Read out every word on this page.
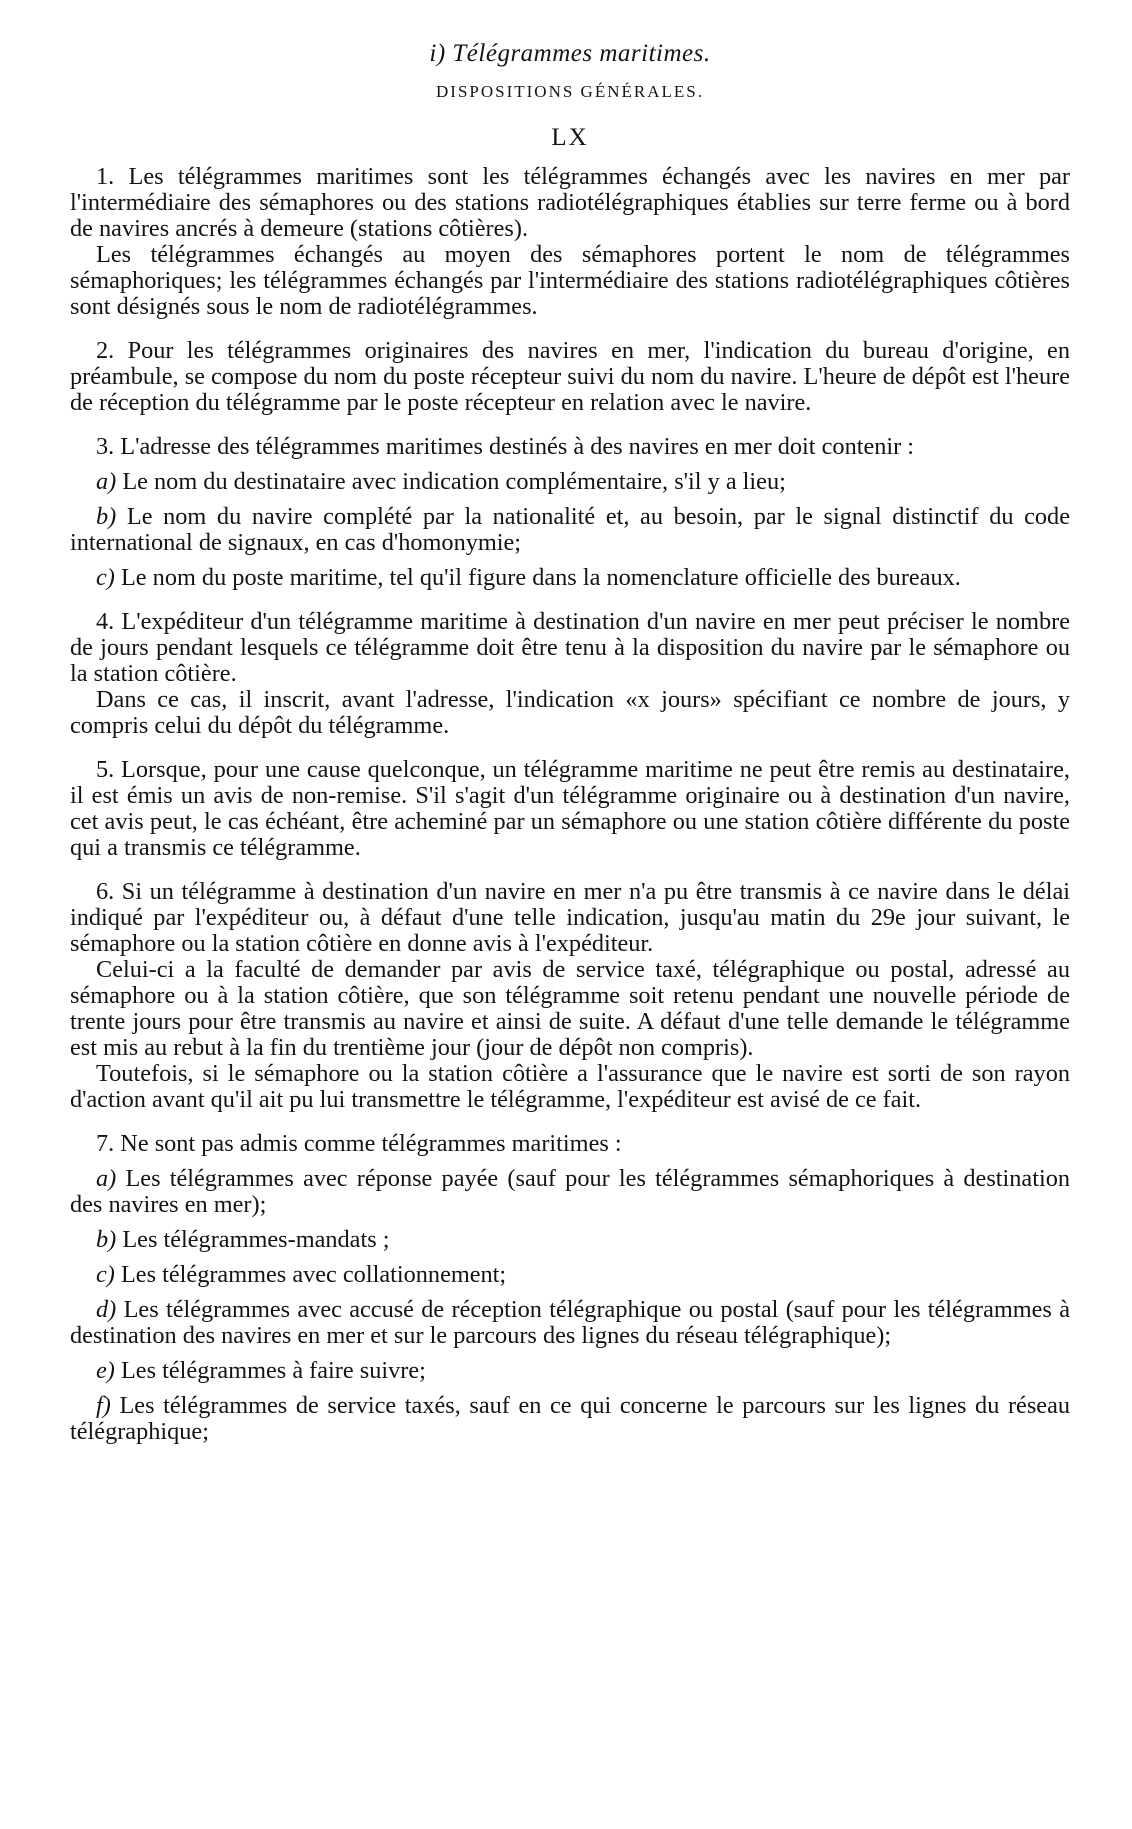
i) Télégrammes maritimes.
DISPOSITIONS GÉNÉRALES.
LX

1. Les télégrammes maritimes sont les télégrammes échangés avec les navires en mer par l'intermédiaire des sémaphores ou des stations radiotélégraphiques établies sur terre ferme ou à bord de navires ancrés à demeure (stations côtières).

Les télégrammes échangés au moyen des sémaphores portent le nom de télégrammes sémaphoriques; les télégrammes échangés par l'intermédiaire des stations radiotélégraphiques côtières sont désignés sous le nom de radiotélégrammes.

2. Pour les télégrammes originaires des navires en mer, l'indication du bureau d'origine, en préambule, se compose du nom du poste récepteur suivi du nom du navire. L'heure de dépôt est l'heure de réception du télégramme par le poste récepteur en relation avec le navire.

3. L'adresse des télégrammes maritimes destinés à des navires en mer doit contenir :

a) Le nom du destinataire avec indication complémentaire, s'il y a lieu;

b) Le nom du navire complété par la nationalité et, au besoin, par le signal distinctif du code international de signaux, en cas d'homonymie;

c) Le nom du poste maritime, tel qu'il figure dans la nomenclature officielle des bureaux.

4. L'expéditeur d'un télégramme maritime à destination d'un navire en mer peut préciser le nombre de jours pendant lesquels ce télégramme doit être tenu à la disposition du navire par le sémaphore ou la station côtière.

Dans ce cas, il inscrit, avant l'adresse, l'indication «x jours» spécifiant ce nombre de jours, y compris celui du dépôt du télégramme.

5. Lorsque, pour une cause quelconque, un télégramme maritime ne peut être remis au destinataire, il est émis un avis de non-remise. S'il s'agit d'un télégramme originaire ou à destination d'un navire, cet avis peut, le cas échéant, être acheminé par un sémaphore ou une station côtière différente du poste qui a transmis ce télégramme.

6. Si un télégramme à destination d'un navire en mer n'a pu être transmis à ce navire dans le délai indiqué par l'expéditeur ou, à défaut d'une telle indication, jusqu'au matin du 29e jour suivant, le sémaphore ou la station côtière en donne avis à l'expéditeur.

Celui-ci a la faculté de demander par avis de service taxé, télégraphique ou postal, adressé au sémaphore ou à la station côtière, que son télégramme soit retenu pendant une nouvelle période de trente jours pour être transmis au navire et ainsi de suite. A défaut d'une telle demande le télégramme est mis au rebut à la fin du trentième jour (jour de dépôt non compris).

Toutefois, si le sémaphore ou la station côtière a l'assurance que le navire est sorti de son rayon d'action avant qu'il ait pu lui transmettre le télégramme, l'expéditeur est avisé de ce fait.

7. Ne sont pas admis comme télégrammes maritimes :

a) Les télégrammes avec réponse payée (sauf pour les télégrammes sémaphoriques à destination des navires en mer);

b) Les télégrammes-mandats ;

c) Les télégrammes avec collationnement;

d) Les télégrammes avec accusé de réception télégraphique ou postal (sauf pour les télégrammes à destination des navires en mer et sur le parcours des lignes du réseau télégraphique);

e) Les télégrammes à faire suivre;

f) Les télégrammes de service taxés, sauf en ce qui concerne le parcours sur les lignes du réseau télégraphique;
